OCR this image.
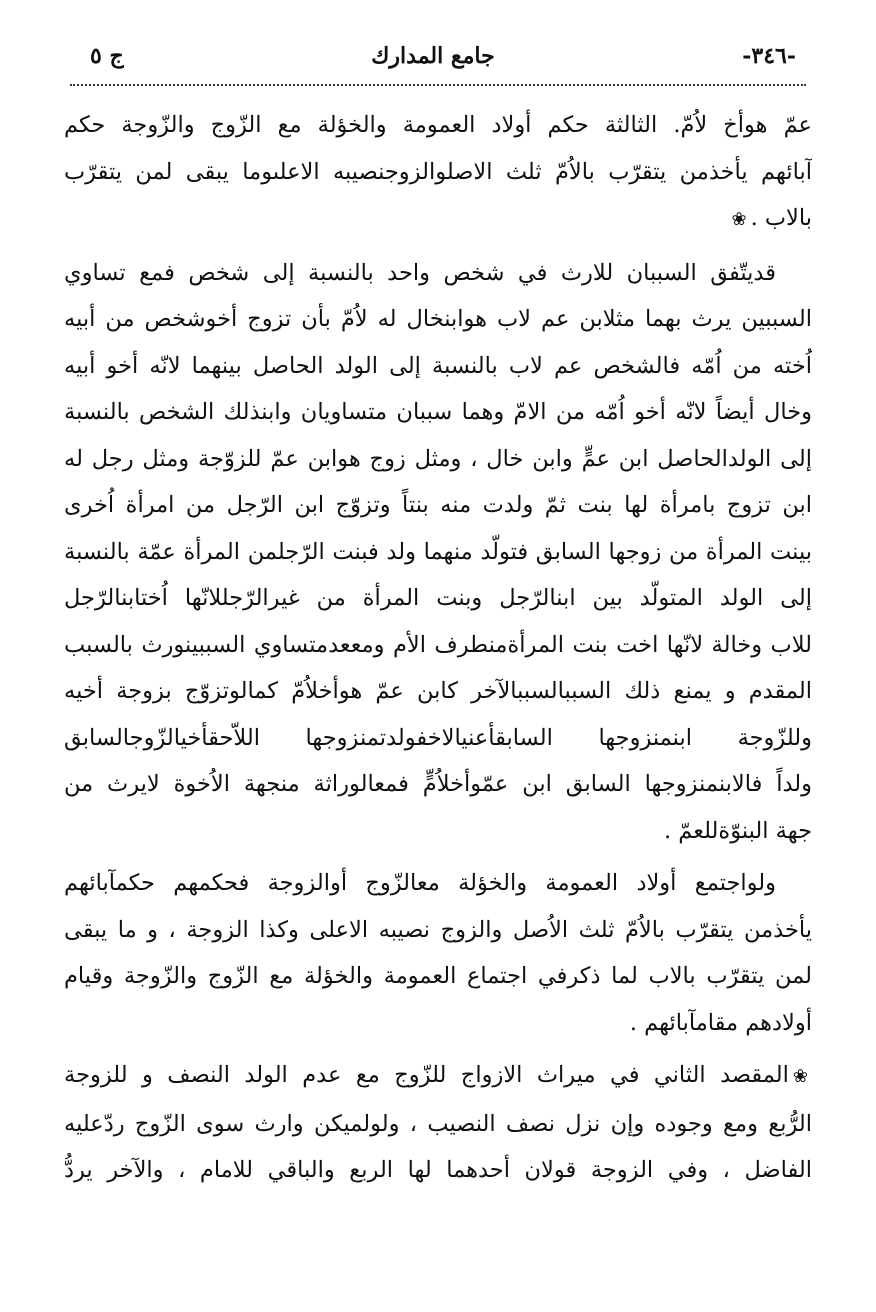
-٣٤٦-
جامع المدارك
ج ٥

عمّ هوأخ لاُمّ. الثالثة حكم أولاد العمومة والخؤلة مع الزّوج والزّوجة حكم
آبائهم يأخذمن يتقرّب بالاُمّ ثلث الاصلوالزوجنصيبه الاعلىوما يبقى لمن يتقرّب
بالاب .❀

قديتّفق السببان للارث في شخص واحد بالنسبة إلى شخص فمع تساوي
السببين يرث بهما مثلابن عم لاب هوابنخال له لاُمّ بأن تزوج أخوشخص من أبيه
اُخته من اُمّه فالشخص عم لاب بالنسبة إلى الولد الحاصل بينهما لانّه أخو أبيه
وخال أيضاً لانّه أخو اُمّه من الامّ وهما سببان متساويان وابنذلك الشخص بالنسبة
إلى الولدالحاصل ابن عمٍّ وابن خال ، ومثل زوج هوابن عمّ للزوّجة ومثل رجل له
ابن تزوج بامرأة لها بنت ثمّ ولدت منه بنتاً وتزوّج ابن الرّجل من امرأة اُخرى
بينت المرأة من زوجها السابق فتولّد منهما ولد فبنت الرّجلمن المرأة عمّة بالنسبة
إلى الولد المتولّد بين ابنالرّجل وبنت المرأة من غيرالرّجللانّها اُختابنالرّجل
للاب وخالة لانّها اخت بنت المرأةمنطرف الأم ومععدمتساوي السببينورث بالسبب
المقدم و يمنع ذلك السببالسببالآخر كابن عمّ هوأخلاُمّ كمالوتزوّج بزوجة أخيه
وللزّوجة ابنمنزوجها السابقأعنيالاخفولدتمنزوجها اللاّحقأخيالزّوجالسابق
ولداً فالابنمنزوجها السابق ابن عمّوأخلاُمٍّ فمعالوراثة منجهة الاُخوة لايرث من
جهة البنوّةللعمّ .

ولواجتمع أولاد العمومة والخؤلة معالزّوج أوالزوجة فحكمهم حكمآبائهم
يأخذمن يتقرّب بالاُمّ ثلث الاُصل والزوج نصيبه الاعلى وكذا الزوجة ، و ما يبقى
لمن يتقرّب بالاب لما ذكرفي اجتماع العمومة والخؤلة مع الزّوج والزّوجة وقيام
أولادهم مقامآبائهم .

❀المقصد الثاني في ميراث الازواج للزّوج مع عدم الولد النصف و للزوجة
الرُّبع ومع وجوده وإن نزل نصف النصيب ، ولولميكن وارث سوى الزّوج ردّعليه
الفاضل ، وفي الزوجة قولان أحدهما لها الربع والباقي للامام ، والآخر يردُّ
